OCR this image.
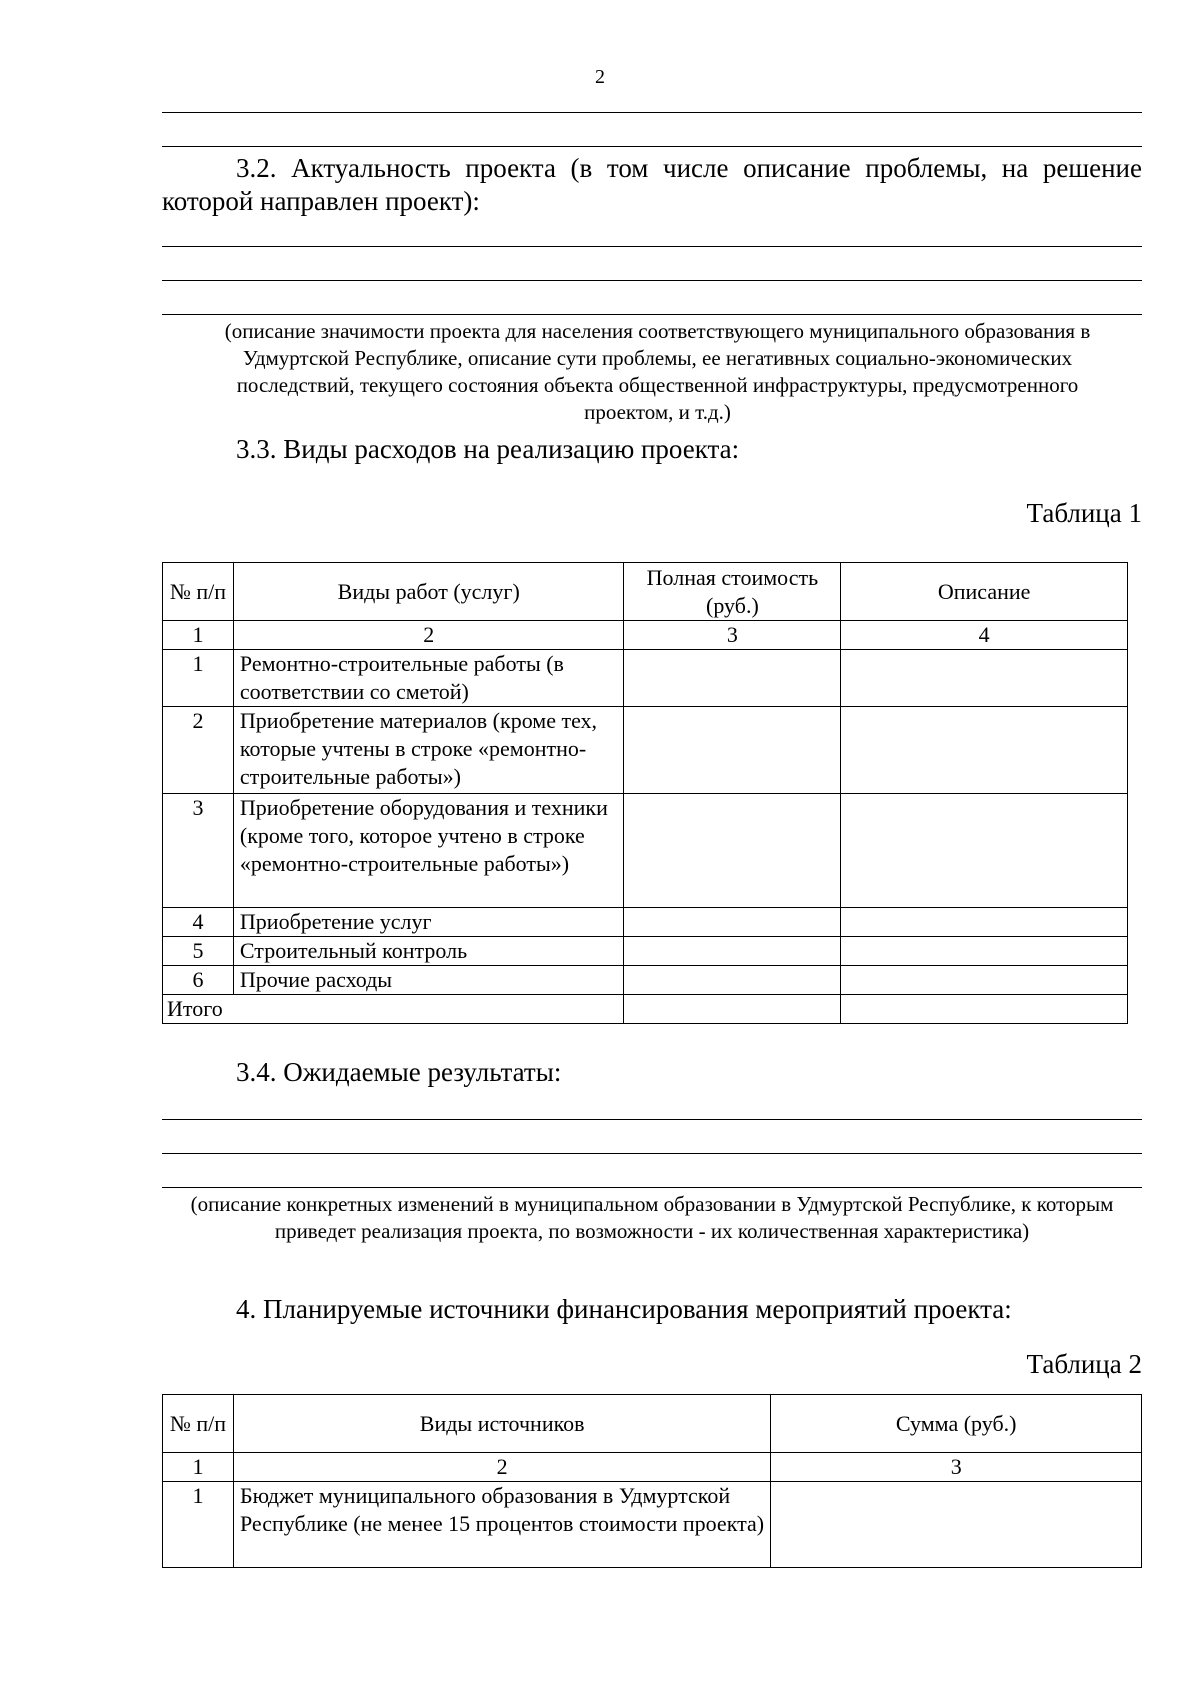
2
3.2. Актуальность проекта (в том числе описание проблемы, на решение которой направлен проект):
(описание значимости проекта для населения соответствующего муниципального образования в Удмуртской Республике, описание сути проблемы, ее негативных социально-экономических последствий, текущего состояния объекта общественной инфраструктуры, предусмотренного проектом, и т.д.)
3.3. Виды расходов на реализацию проекта:
Таблица 1
№ п/п	Виды работ (услуг)	Полная стоимость (руб.)	Описание
1	2	3	4
1	Ремонтно-строительные работы (в соответствии со сметой)		
2	Приобретение материалов (кроме тех, которые учтены в строке «ремонтно-строительные работы»)		
3	Приобретение оборудования и техники (кроме того, которое учтено в строке «ремонтно-строительные работы»)		
4	Приобретение услуг		
5	Строительный контроль		
6	Прочие расходы		
Итого			
3.4. Ожидаемые результаты:
(описание конкретных изменений в муниципальном образовании в Удмуртской Республике, к которым приведет реализация проекта, по возможности - их количественная характеристика)
4. Планируемые источники финансирования мероприятий проекта:
Таблица 2
№ п/п	Виды источников	Сумма (руб.)
1	2	3
1	Бюджет муниципального образования в Удмуртской Республике (не менее 15 процентов стоимости проекта)	
